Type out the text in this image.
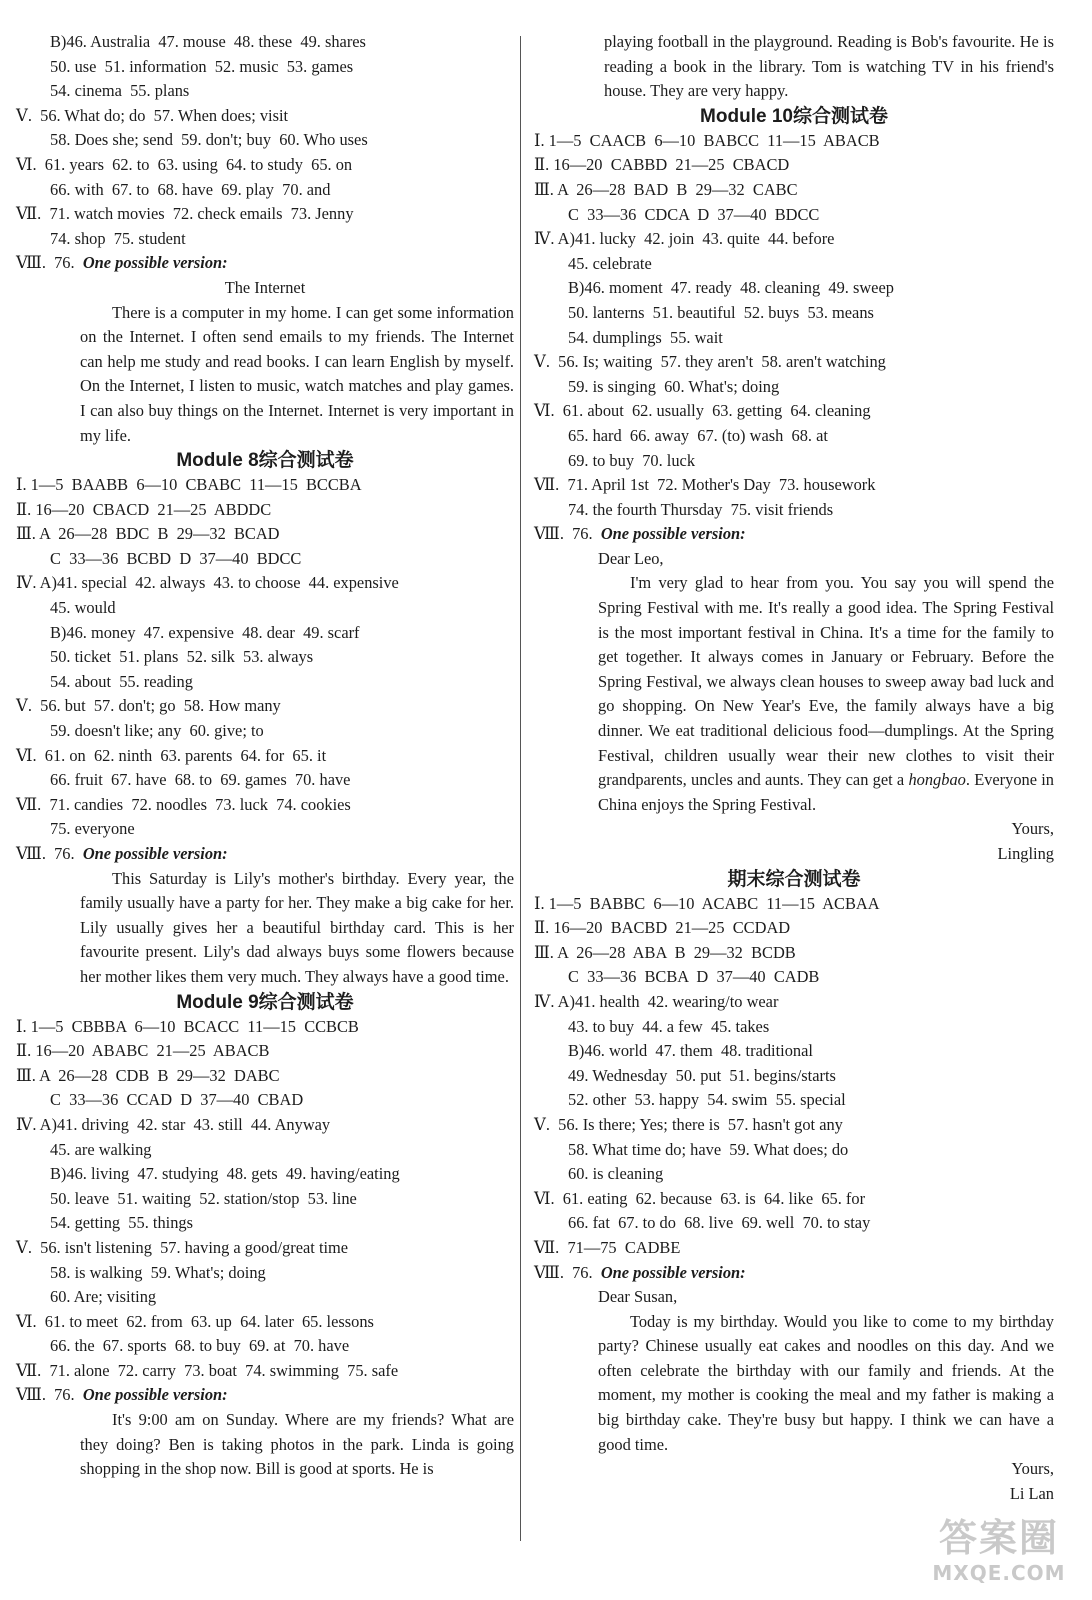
B)46. Australia  47. mouse  48. these  49. shares
50. use  51. information  52. music  53. games
54. cinema  55. plans
Ⅴ.  56. What do; do  57. When does; visit
58. Does she; send  59. don't; buy  60. Who uses
Ⅵ.  61. years  62. to  63. using  64. to study  65. on
66. with  67. to  68. have  69. play  70. and
Ⅶ.  71. watch movies  72. check emails  73. Jenny
74. shop  75. student
Ⅷ.  76. One possible version:
The Internet
There is a computer in my home. I can get some information on the Internet. I often send emails to my friends. The Internet can help me study and read books. I can learn English by myself. On the Internet, I listen to music, watch matches and play games. I can also buy things on the Internet. Internet is very important in my life.
Module 8综合测试卷
Ⅰ. 1—5  BAABB  6—10  CBABC  11—15  BCCBA
Ⅱ. 16—20  CBACD  21—25  ABDDC
Ⅲ. A  26—28  BDC  B  29—32  BCAD
C  33—36  BCBD  D  37—40  BDCC
Ⅳ. A)41. special  42. always  43. to choose  44. expensive
45. would
B)46. money  47. expensive  48. dear  49. scarf
50. ticket  51. plans  52. silk  53. always
54. about  55. reading
Ⅴ.  56. but  57. don't; go  58. How many
59. doesn't like; any  60. give; to
Ⅵ.  61. on  62. ninth  63. parents  64. for  65. it
66. fruit  67. have  68. to  69. games  70. have
Ⅶ.  71. candies  72. noodles  73. luck  74. cookies
75. everyone
Ⅷ.  76. One possible version:
This Saturday is Lily's mother's birthday. Every year, the family usually have a party for her. They make a big cake for her. Lily usually gives her a beautiful birthday card. This is her favourite present. Lily's dad always buys some flowers because her mother likes them very much. They always have a good time.
Module 9综合测试卷
Ⅰ. 1—5  CBBBA  6—10  BCACC  11—15  CCBCB
Ⅱ. 16—20  ABABC  21—25  ABACB
Ⅲ. A  26—28  CDB  B  29—32  DABC
C  33—36  CCAD  D  37—40  CBAD
Ⅳ. A)41. driving  42. star  43. still  44. Anyway
45. are walking
B)46. living  47. studying  48. gets  49. having/eating
50. leave  51. waiting  52. station/stop  53. line
54. getting  55. things
Ⅴ.  56. isn't listening  57. having a good/great time
58. is walking  59. What's; doing
60. Are; visiting
Ⅵ.  61. to meet  62. from  63. up  64. later  65. lessons
66. the  67. sports  68. to buy  69. at  70. have
Ⅶ.  71. alone  72. carry  73. boat  74. swimming  75. safe
Ⅷ.  76. One possible version:
It's 9:00 am on Sunday. Where are my friends? What are they doing? Ben is taking photos in the park. Linda is going shopping in the shop now. Bill is good at sports. He is
playing football in the playground. Reading is Bob's favourite. He is reading a book in the library. Tom is watching TV in his friend's house. They are very happy.
Module 10综合测试卷
Ⅰ. 1—5  CAACB  6—10  BABCC  11—15  ABACB
Ⅱ. 16—20  CABBD  21—25  CBACD
Ⅲ. A  26—28  BAD  B  29—32  CABC
C  33—36  CDCA  D  37—40  BDCC
Ⅳ. A)41. lucky  42. join  43. quite  44. before
45. celebrate
B)46. moment  47. ready  48. cleaning  49. sweep
50. lanterns  51. beautiful  52. buys  53. means
54. dumplings  55. wait
Ⅴ.  56. Is; waiting  57. they aren't  58. aren't watching
59. is singing  60. What's; doing
Ⅵ.  61. about  62. usually  63. getting  64. cleaning
65. hard  66. away  67. (to) wash  68. at
69. to buy  70. luck
Ⅶ.  71. April 1st  72. Mother's Day  73. housework
74. the fourth Thursday  75. visit friends
Ⅷ.  76. One possible version:
Dear Leo,
I'm very glad to hear from you. You say you will spend the Spring Festival with me. It's really a good idea. The Spring Festival is the most important festival in China. It's a time for the family to get together. It always comes in January or February. Before the Spring Festival, we always clean houses to sweep away bad luck and go shopping. On New Year's Eve, the family always have a big dinner. We eat traditional delicious food—dumplings. At the Spring Festival, children usually wear their new clothes to visit their grandparents, uncles and aunts. They can get a hongbao. Everyone in China enjoys the Spring Festival.
Yours,
Lingling
期末综合测试卷
Ⅰ. 1—5  BABBC  6—10  ACABC  11—15  ACBAA
Ⅱ. 16—20  BACBD  21—25  CCDAD
Ⅲ. A  26—28  ABA  B  29—32  BCDB
C  33—36  BCBA  D  37—40  CADB
Ⅳ. A)41. health  42. wearing/to wear
43. to buy  44. a few  45. takes
B)46. world  47. them  48. traditional
49. Wednesday  50. put  51. begins/starts
52. other  53. happy  54. swim  55. special
Ⅴ.  56. Is there; Yes; there is  57. hasn't got any
58. What time do; have  59. What does; do
60. is cleaning
Ⅵ.  61. eating  62. because  63. is  64. like  65. for
66. fat  67. to do  68. live  69. well  70. to stay
Ⅶ.  71—75  CADBE
Ⅷ.  76. One possible version:
Dear Susan,
Today is my birthday. Would you like to come to my birthday party? Chinese usually eat cakes and noodles on this day. And we often celebrate the birthday with our family and friends. At the moment, my mother is cooking the meal and my father is making a big birthday cake. They're busy but happy. I think we can have a good time.
Yours,
Li Lan
答案圈
MXQE.COM
